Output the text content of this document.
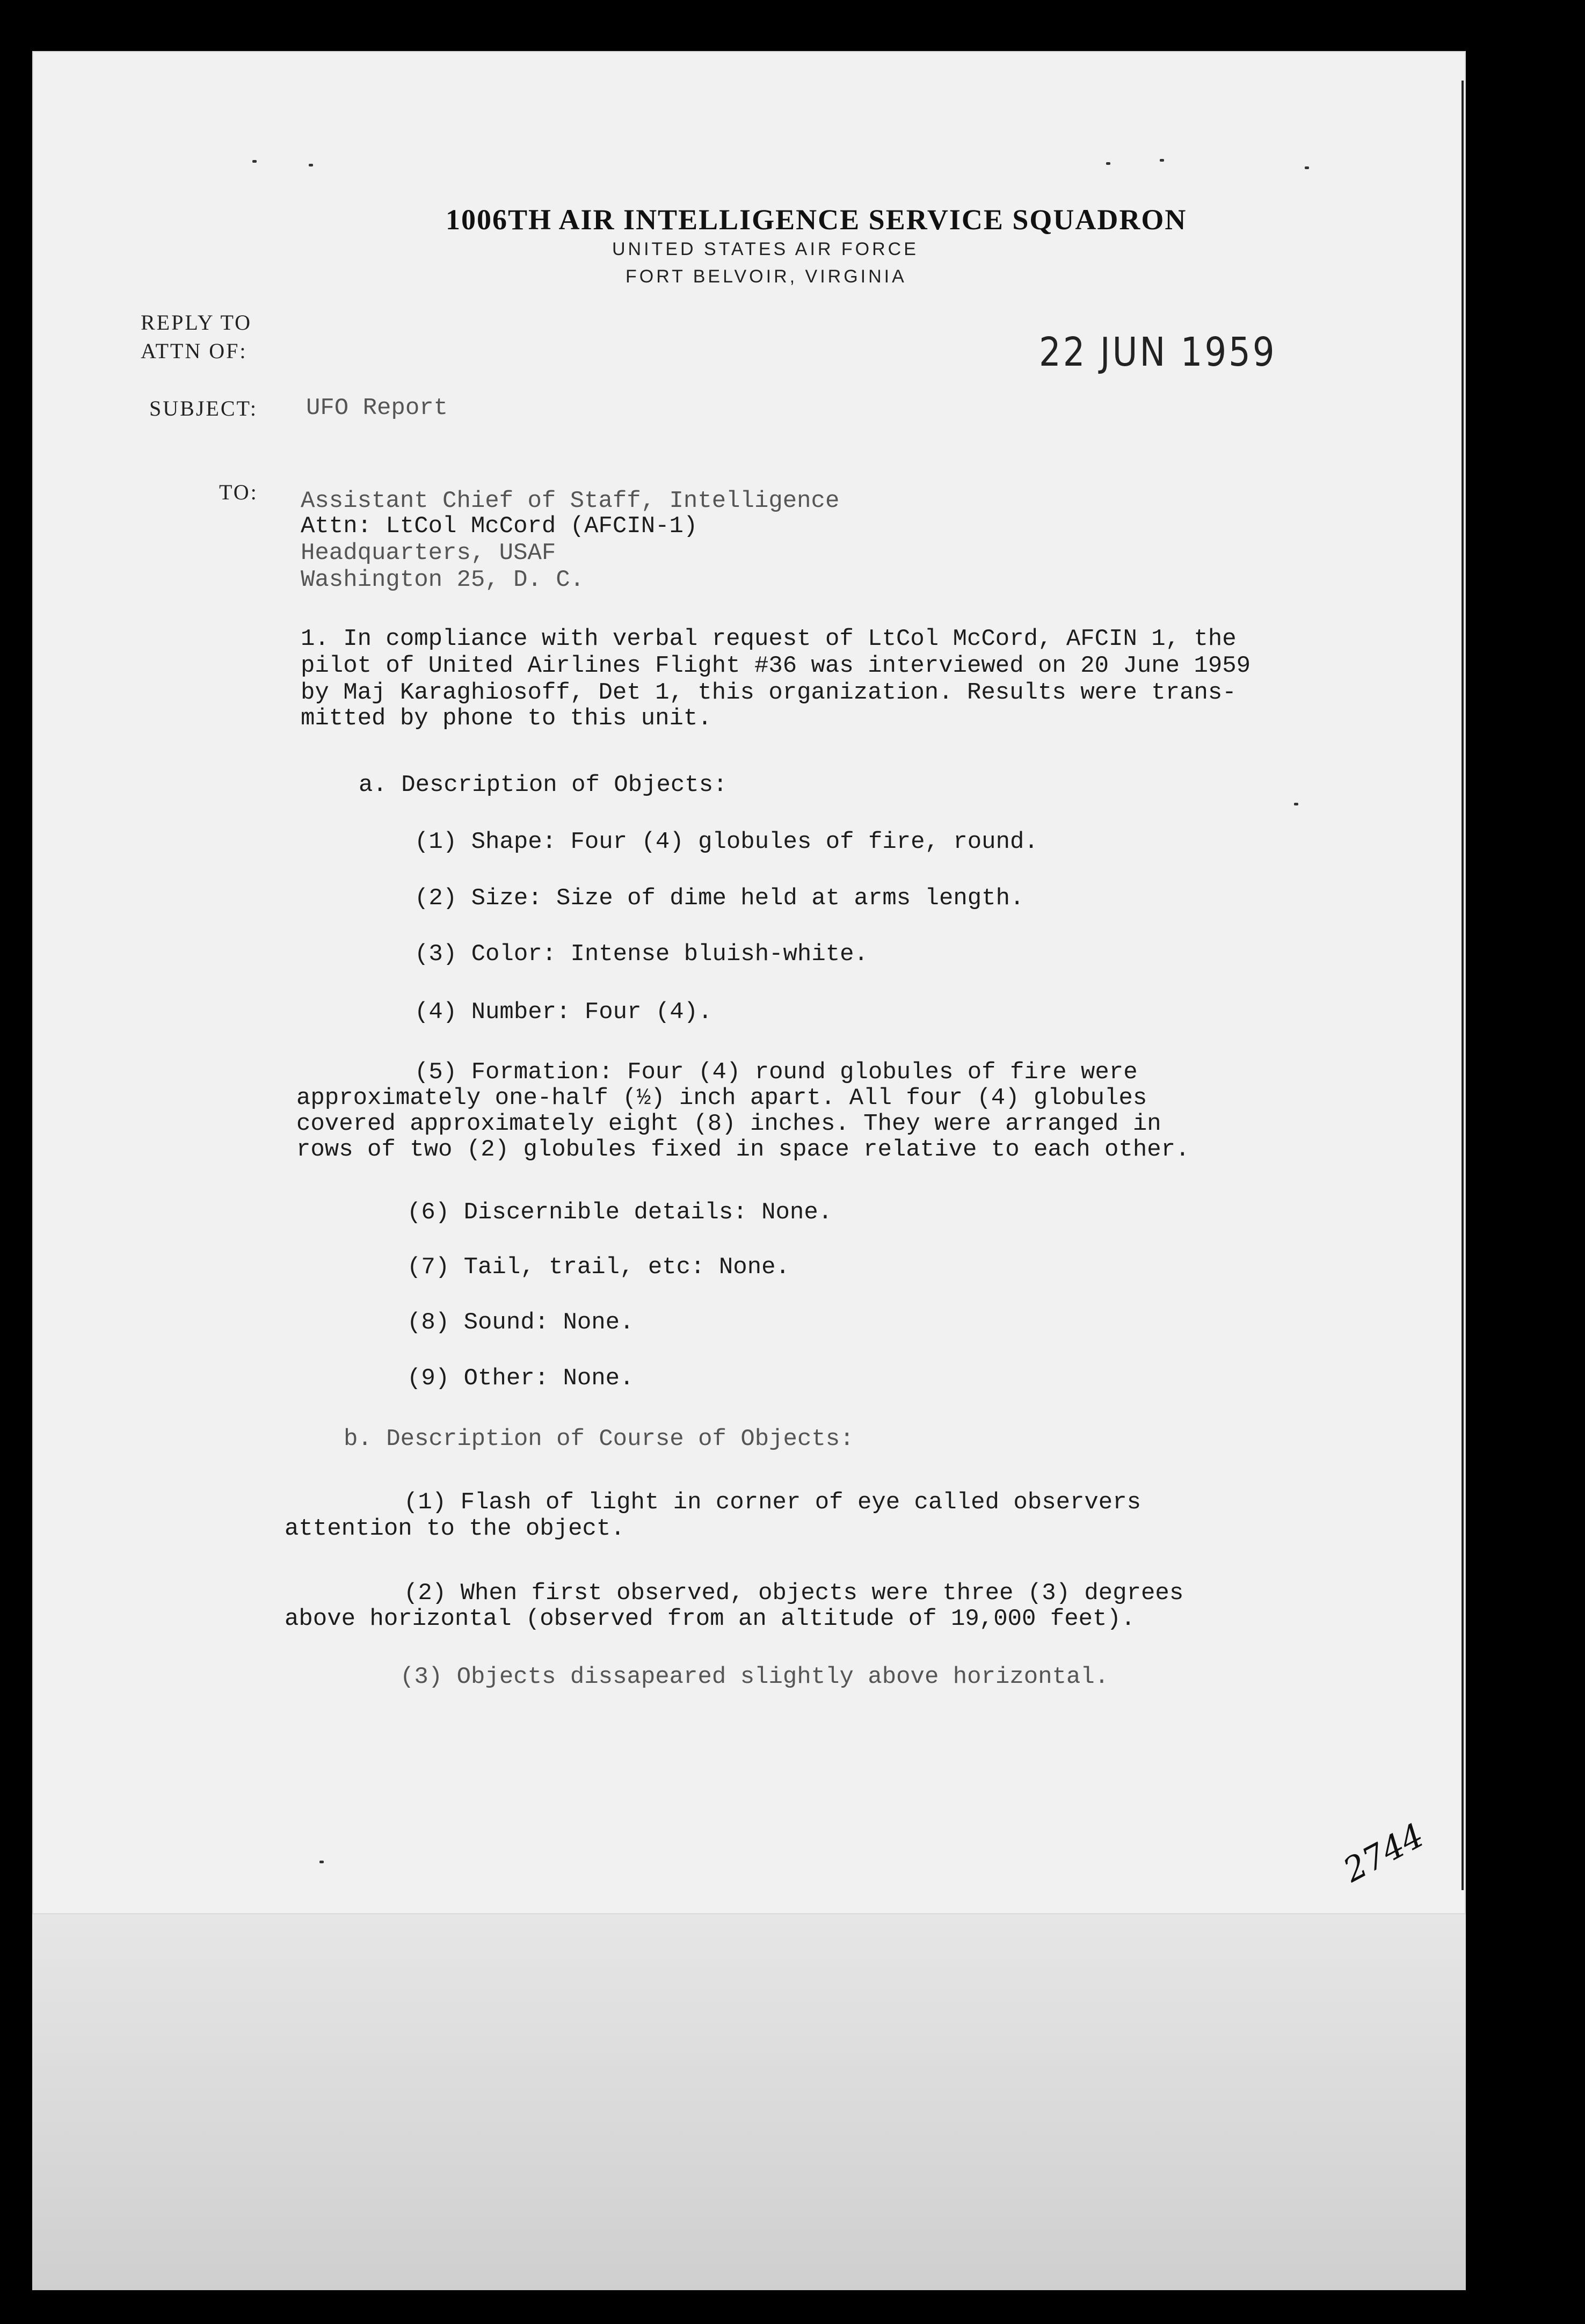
1006TH AIR INTELLIGENCE SERVICE SQUADRON
UNITED STATES AIR FORCE
FORT BELVOIR, VIRGINIA
REPLY TO
ATTN OF:	22 JUN 1959
SUBJECT: UFO Report
TO: Assistant Chief of Staff, Intelligence
Attn: LtCol McCord (AFCIN-1)
Headquarters, USAF
Washington 25, D. C.
1. In compliance with verbal request of LtCol McCord, AFCIN 1, the
pilot of United Airlines Flight #36 was interviewed on 20 June 1959
by Maj Karaghiosoff, Det 1, this organization. Results were trans-
mitted by phone to this unit.
a. Description of Objects:
(1) Shape: Four (4) globules of fire, round.
(2) Size: Size of dime held at arms length.
(3) Color: Intense bluish-white.
(4) Number: Four (4).
(5) Formation: Four (4) round globules of fire were
approximately one-half (½) inch apart. All four (4) globules
covered approximately eight (8) inches. They were arranged in
rows of two (2) globules fixed in space relative to each other.
(6) Discernible details: None.
(7) Tail, trail, etc: None.
(8) Sound: None.
(9) Other: None.
b. Description of Course of Objects:
(1) Flash of light in corner of eye called observers
attention to the object.
(2) When first observed, objects were three (3) degrees
above horizontal (observed from an altitude of 19,000 feet).
(3) Objects dissapeared slightly above horizontal.
2744
